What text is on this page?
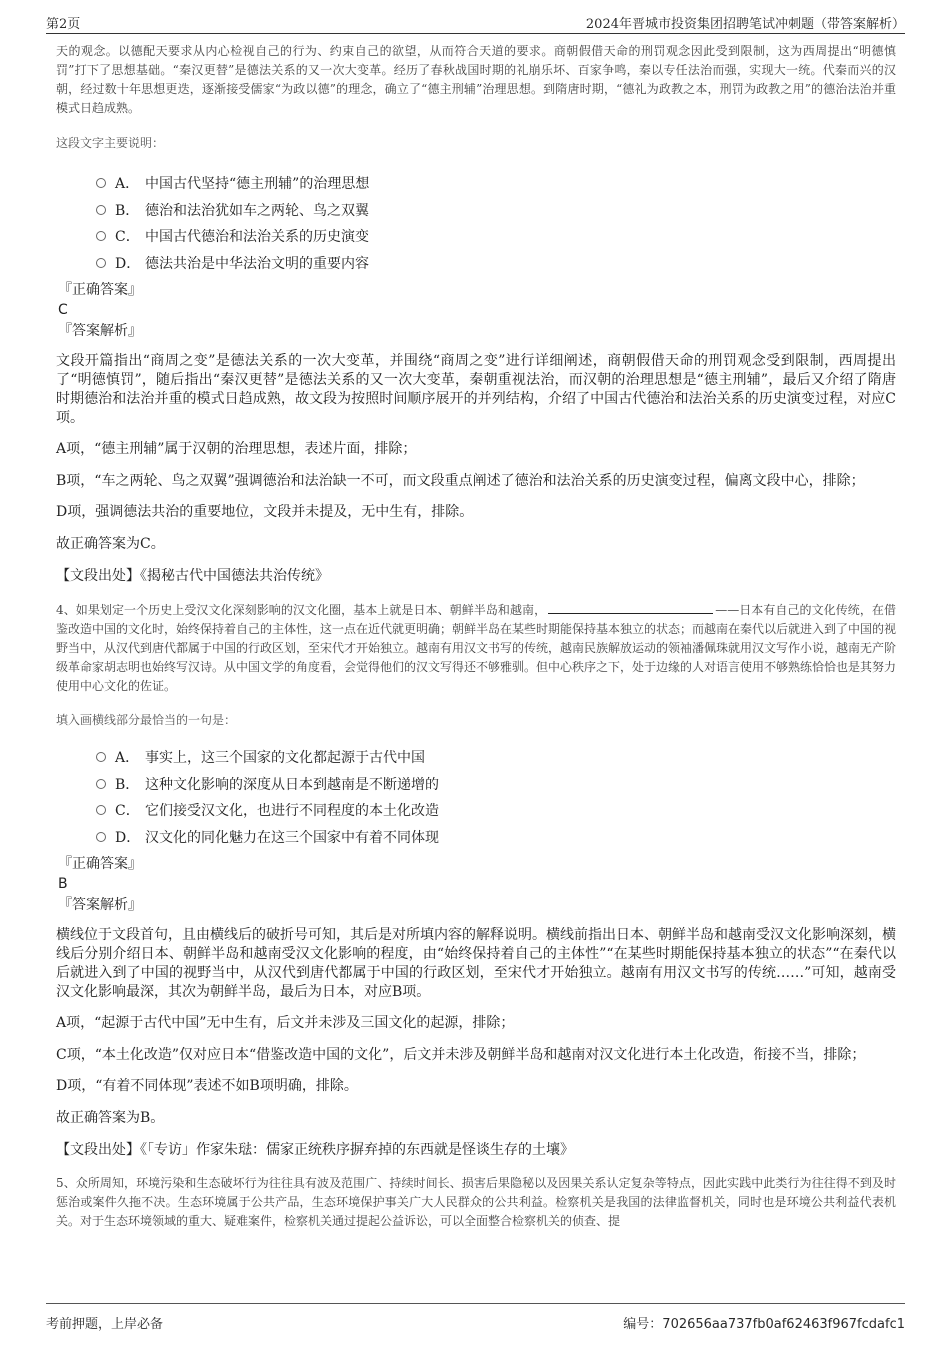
第2页	2024年晋城市投资集团招聘笔试冲刺题（带答案解析）

天的观念。以德配天要求从内心检视自己的行为、约束自己的欲望，从而符合天道的要求。商朝假借天命的刑罚观念因此受到限制，这为西周提出“明德慎罚”打下了思想基础。“秦汉更替”是德法关系的又一次大变革。经历了春秋战国时期的礼崩乐坏、百家争鸣，秦以专任法治而强，实现大一统。代秦而兴的汉朝，经过数十年思想更迭，逐渐接受儒家“为政以德”的理念，确立了“德主刑辅”治理思想。到隋唐时期，“德礼为政教之本，刑罚为政教之用”的德治法治并重模式日趋成熟。

这段文字主要说明：

A． 中国古代坚持“德主刑辅”的治理思想
B． 德治和法治犹如车之两轮、鸟之双翼
C． 中国古代德治和法治关系的历史演变
D． 德法共治是中华法治文明的重要内容

『正确答案』

C

『答案解析』

文段开篇指出“商周之变”是德法关系的一次大变革，并围绕“商周之变”进行详细阐述，商朝假借天命的刑罚观念受到限制，西周提出了“明德慎罚”，随后指出“秦汉更替”是德法关系的又一次大变革，秦朝重视法治，而汉朝的治理思想是“德主刑辅”，最后又介绍了隋唐时期德治和法治并重的模式日趋成熟，故文段为按照时间顺序展开的并列结构，介绍了中国古代德治和法治关系的历史演变过程，对应C项。

A项，“德主刑辅”属于汉朝的治理思想，表述片面，排除；

B项，“车之两轮、鸟之双翼”强调德治和法治缺一不可，而文段重点阐述了德治和法治关系的历史演变过程，偏离文段中心，排除；

D项，强调德法共治的重要地位，文段并未提及，无中生有，排除。

故正确答案为C。

【文段出处】《揭秘古代中国德法共治传统》

4、如果划定一个历史上受汉文化深刻影响的汉文化圈，基本上就是日本、朝鲜半岛和越南，	——日本有自己的文化传统，在借鉴改造中国的文化时，始终保持着自己的主体性，这一点在近代就更明确；朝鲜半岛在某些时期能保持基本独立的状态；而越南在秦代以后就进入到了中国的视野当中，从汉代到唐代都属于中国的行政区划，至宋代才开始独立。越南有用汉文书写的传统，越南民族解放运动的领袖潘佩珠就用汉文写作小说，越南无产阶级革命家胡志明也始终写汉诗。从中国文学的角度看，会觉得他们的汉文写得还不够雅驯。但中心秩序之下，处于边缘的人对语言使用不够熟练恰恰也是其努力使用中心文化的佐证。

填入画横线部分最恰当的一句是：

A． 事实上，这三个国家的文化都起源于古代中国
B． 这种文化影响的深度从日本到越南是不断递增的
C． 它们接受汉文化，也进行不同程度的本土化改造
D． 汉文化的同化魅力在这三个国家中有着不同体现

『正确答案』

B

『答案解析』

横线位于文段首句，且由横线后的破折号可知，其后是对所填内容的解释说明。横线前指出日本、朝鲜半岛和越南受汉文化影响深刻，横线后分别介绍日本、朝鲜半岛和越南受汉文化影响的程度，由“始终保持着自己的主体性”“在某些时期能保持基本独立的状态”“在秦代以后就进入到了中国的视野当中，从汉代到唐代都属于中国的行政区划，至宋代才开始独立。越南有用汉文书写的传统……”可知，越南受汉文化影响最深，其次为朝鲜半岛，最后为日本，对应B项。

A项，“起源于古代中国”无中生有，后文并未涉及三国文化的起源，排除；

C项，“本土化改造”仅对应日本“借鉴改造中国的文化”，后文并未涉及朝鲜半岛和越南对汉文化进行本土化改造，衔接不当，排除；

D项，“有着不同体现”表述不如B项明确，排除。

故正确答案为B。

【文段出处】《「专访」作家朱琺：儒家正统秩序摒弃掉的东西就是怪谈生存的土壤》

5、众所周知，环境污染和生态破坏行为往往具有波及范围广、持续时间长、损害后果隐秘以及因果关系认定复杂等特点，因此实践中此类行为往往得不到及时惩治或案件久拖不决。生态环境属于公共产品，生态环境保护事关广大人民群众的公共利益。检察机关是我国的法律监督机关，同时也是环境公共利益代表机关。对于生态环境领域的重大、疑难案件，检察机关通过提起公益诉讼，可以全面整合检察机关的侦查、提

考前押题，上岸必备	编号：702656aa737fb0af62463f967fcdafc1
